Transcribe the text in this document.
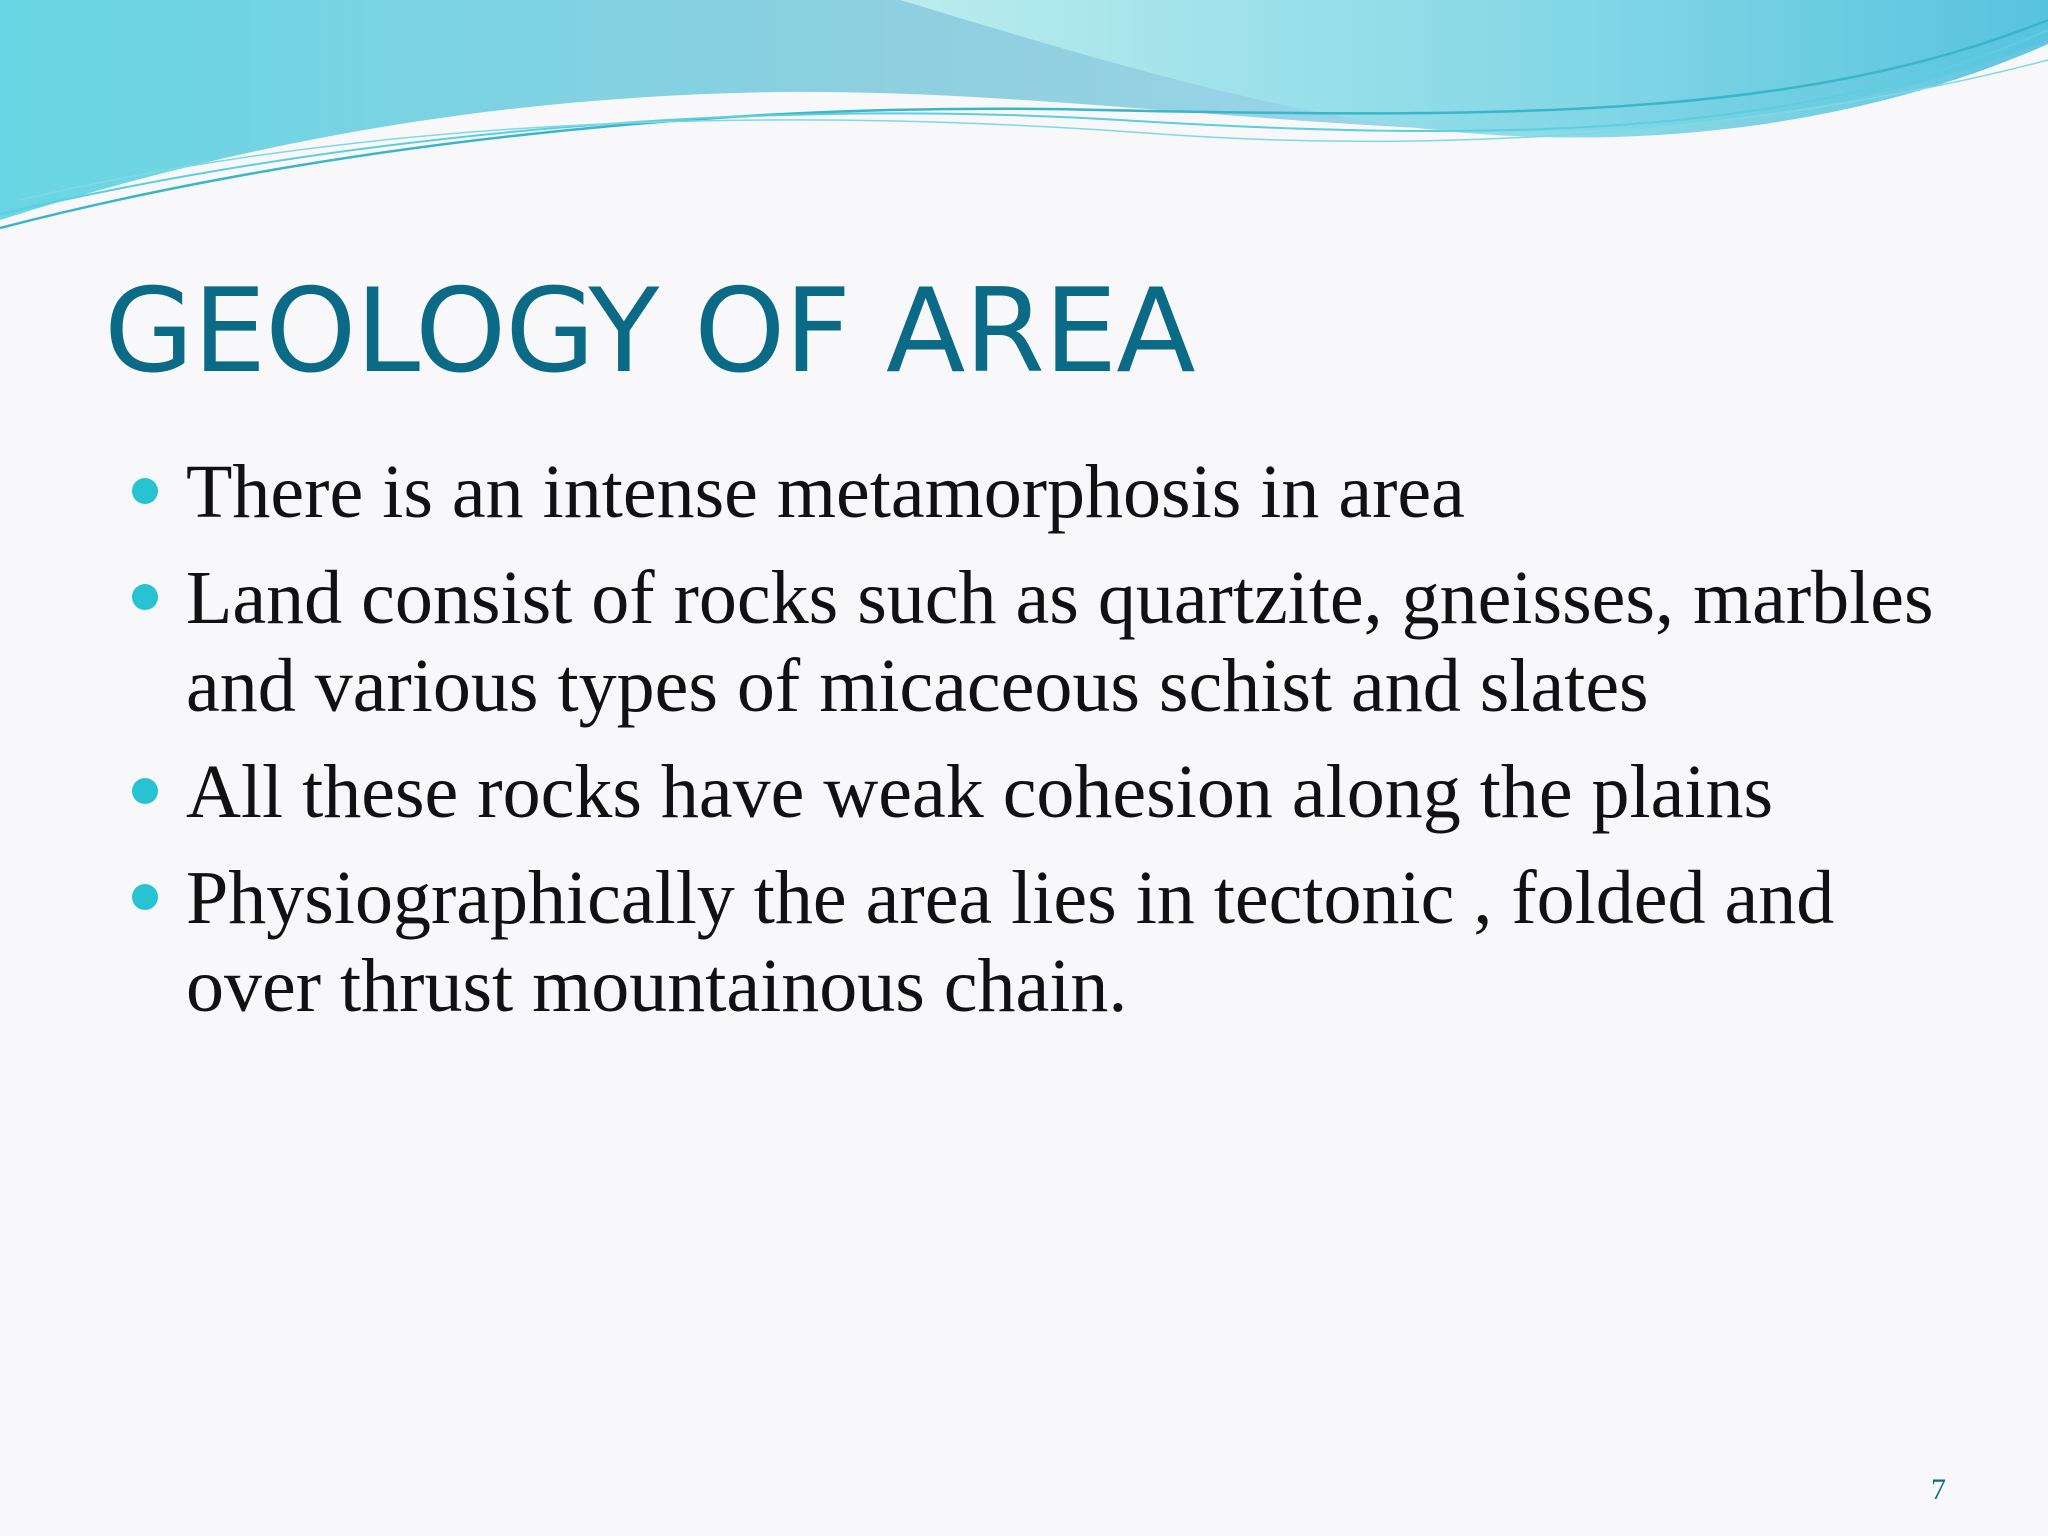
GEOLOGY OF AREA
There is an intense metamorphosis in area
Land consist of rocks such as quartzite, gneisses, marbles and various types of micaceous schist and slates
All these rocks have weak cohesion along the plains
Physiographically the area lies in tectonic , folded and over thrust mountainous chain.
7
